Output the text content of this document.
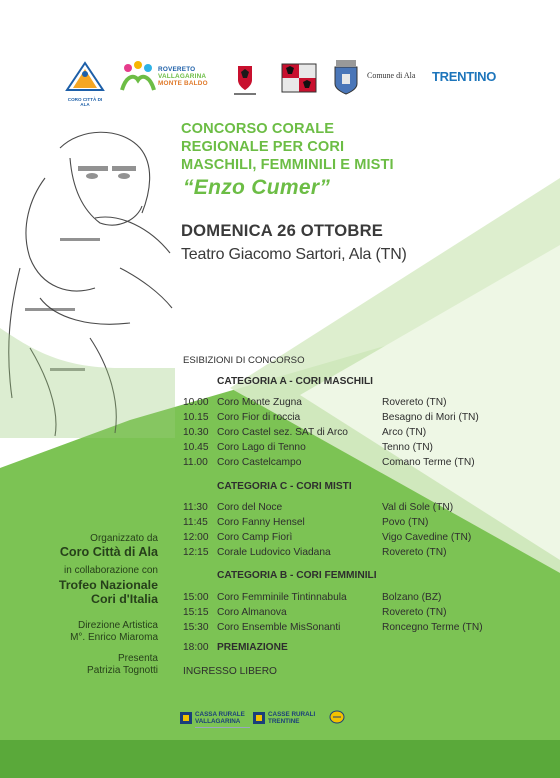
CORO CITTÀ DI ALA
ROVERETO
VALLAGARINA
MONTE BALDO
Comune di Ala TRENTINO
CONCORSO CORALE
REGIONALE PER CORI
MASCHILI, FEMMINILI E MISTI
“Enzo Cumer”
DOMENICA 26 OTTOBRE
Teatro Giacomo Sartori, Ala (TN)
ESIBIZIONI DI CONCORSO
CATEGORIA A - CORI MASCHILI
10.00 Coro Monte Zugna	Rovereto (TN)
10.15 Coro Fior di roccia	Besagno di Mori (TN)
10.30 Coro Castel sez. SAT di Arco	Arco (TN)
10.45 Coro Lago di Tenno	Tenno (TN)
11.00 Coro Castelcampo	Comano Terme (TN)
CATEGORIA C - CORI MISTI
11:30 Coro del Noce	Val di Sole (TN)
11:45 Coro Fanny Hensel	Povo (TN)
12:00 Coro Camp Fiorì	Vigo Cavedine (TN)
12:15 Corale Ludovico Viadana	Rovereto (TN)
CATEGORIA B - CORI FEMMINILI
15:00 Coro Femminile Tintinnabula	Bolzano (BZ)
15:15 Coro Almanova	Rovereto (TN)
15:30 Coro Ensemble MisSonanti	Roncegno Terme (TN)
18:00 PREMIAZIONE
INGRESSO LIBERO
Organizzato da
Coro Città di Ala
in collaborazione con
Trofeo Nazionale
Cori d'Italia
Direzione Artistica
M°. Enrico Miaroma
Presenta
Patrizia Tognotti
CASSA RURALE
VALLAGARINA
CASSE RURALI
TRENTINE
